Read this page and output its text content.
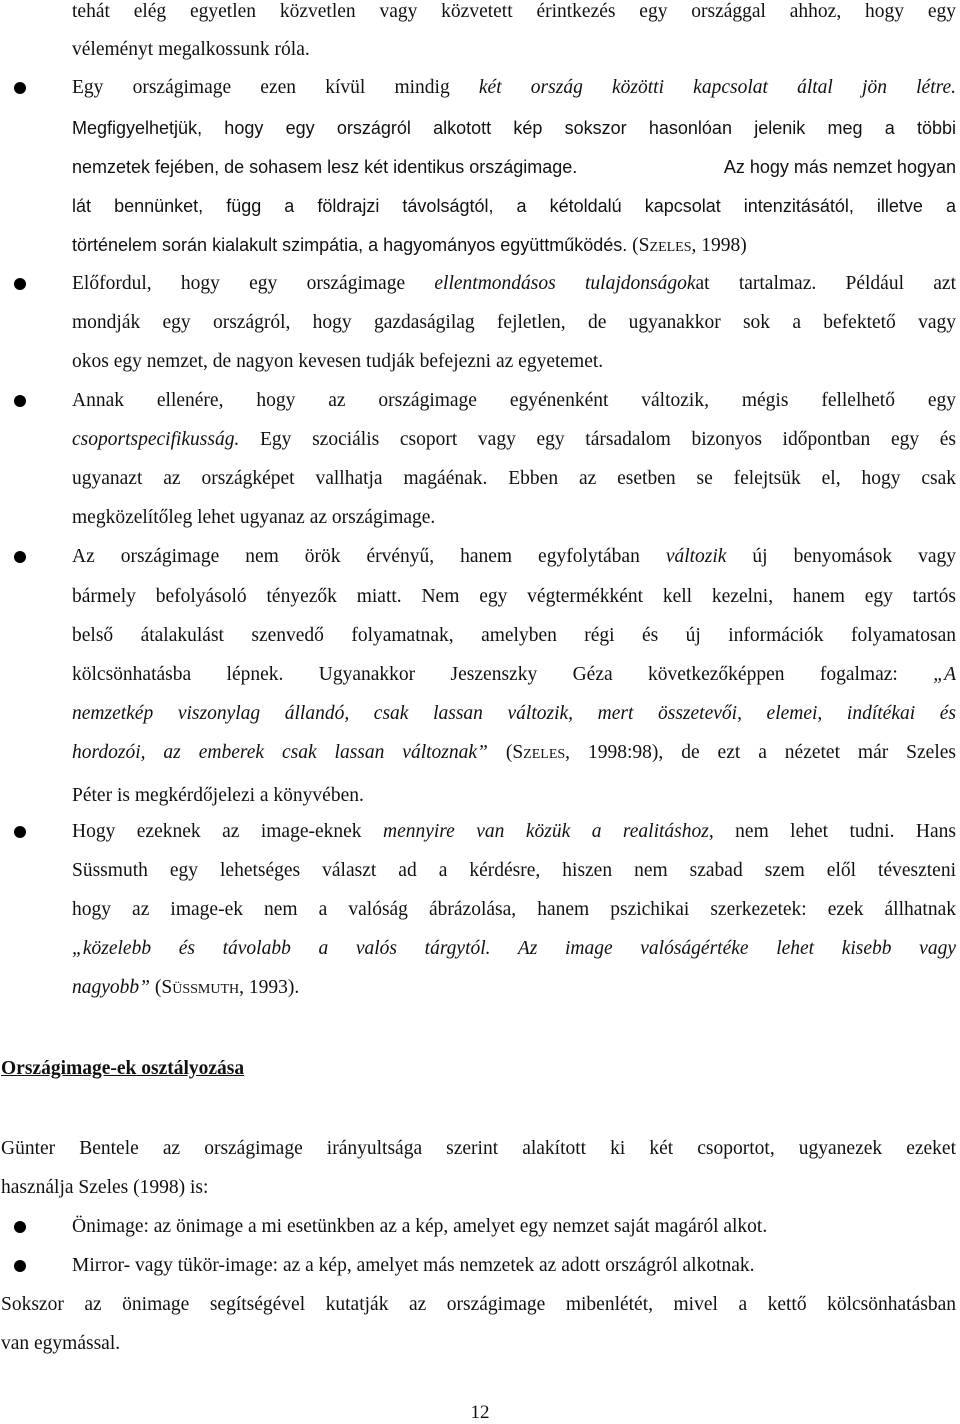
tehát elég egyetlen közvetlen vagy közvetett érintkezés egy országgal ahhoz, hogy egy

véleményt megalkossunk róla.

Egy országimage ezen kívül mindig két ország közötti kapcsolat által jön létre.

Megfigyelhetjük, hogy egy országról alkotott kép sokszor hasonlóan jelenik meg a többi

nemzetek fejében, de sohasem lesz két identikus országimage.	Az hogy más nemzet hogyan

lát bennünket, függ a földrajzi távolságtól, a kétoldalú kapcsolat intenzitásától, illetve a

történelem során kialakult szimpátia, a hagyományos együttműködés. (SZELES, 1998)

Előfordul, hogy egy országimage ellentmondásos tulajdonságokat tartalmaz. Például azt

mondják egy országról, hogy gazdaságilag fejletlen, de ugyanakkor sok a befektető vagy

okos egy nemzet, de nagyon kevesen tudják befejezni az egyetemet.

Annak ellenére, hogy az országimage egyénenként változik, mégis fellelhető egy

csoportspecifikusság. Egy szociális csoport vagy egy társadalom bizonyos időpontban egy és

ugyanazt az országképet vallhatja magáénak. Ebben az esetben se felejtsük el, hogy csak

megközelítőleg lehet ugyanaz az országimage.

Az országimage nem örök érvényű, hanem egyfolytában változik új benyomások vagy

bármely befolyásoló tényezők miatt. Nem egy végtermékként kell kezelni, hanem egy tartós

belső átalakulást szenvedő folyamatnak, amelyben régi és új információk folyamatosan

kölcsönhatásba lépnek. Ugyanakkor Jeszenszky Géza következőképpen fogalmaz: „A

nemzetkép viszonylag állandó, csak lassan változik, mert összetevői, elemei, indítékai és

hordozói, az emberek csak lassan változnak” (SZELES, 1998:98), de ezt a nézetet már Szeles

Péter is megkérdőjelezi a könyvében.

Hogy ezeknek az image-eknek mennyire van közük a realitáshoz, nem lehet tudni. Hans

Süssmuth egy lehetséges választ ad a kérdésre, hiszen nem szabad szem elől téveszteni

hogy az image-ek nem a valóság ábrázolása, hanem pszichikai szerkezetek: ezek állhatnak

„közelebb és távolabb a valós tárgytól. Az image valóságértéke lehet kisebb vagy

nagyobb” (SÜSSMUTH, 1993).

Országimage-ek osztályozása

Günter Bentele az országimage irányultsága szerint alakított ki két csoportot, ugyanezek ezeket

használja Szeles (1998) is:

Önimage: az önimage a mi esetünkben az a kép, amelyet egy nemzet saját magáról alkot.

Mirror- vagy tükör-image: az a kép, amelyet más nemzetek az adott országról alkotnak.

Sokszor az önimage segítségével kutatják az országimage mibenlétét, mivel a kettő kölcsönhatásban

van egymással.

12
